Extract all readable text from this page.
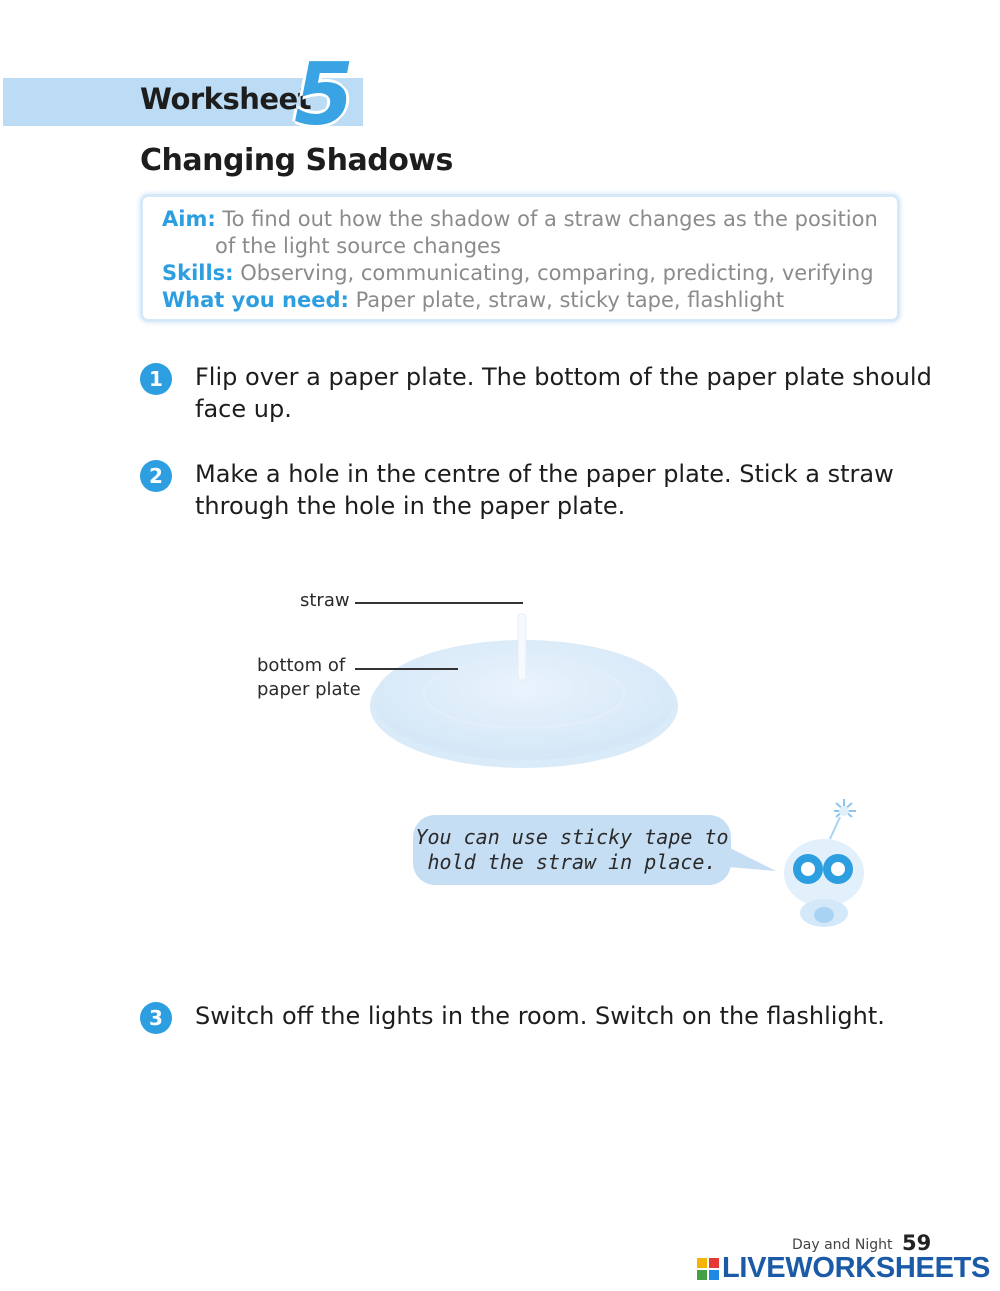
Worksheet
5
Changing Shadows
Aim: To find out how the shadow of a straw changes as the position
of the light source changes
Skills: Observing, communicating, comparing, predicting, verifying
What you need: Paper plate, straw, sticky tape, flashlight
1	Flip over a paper plate. The bottom of the paper plate should
face up.
2	Make a hole in the centre of the paper plate. Stick a straw
through the hole in the paper plate.
straw
bottom of
paper plate
You can use sticky tape to
hold the straw in place.
3	Switch off the lights in the room. Switch on the flashlight.
Day and Night 59
LIVEWORKSHEETS
